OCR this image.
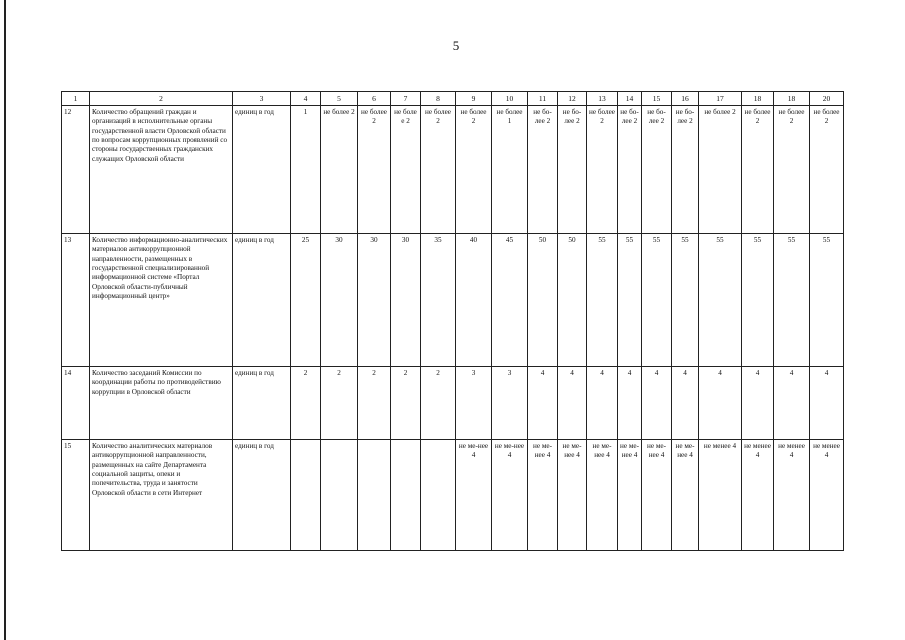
5
1	2	3	4	5	6	7	8	9	10	11	12	13	14	15	16	17	18	18	20
12	Количество обращений граждан и организаций в исполнительные органы государственной власти Орловской области по вопросам коррупционных проявлений со стороны государственных гражданских служащих Орловской области	единиц в год	1	не более 2	не более 2	не боле е 2	не более 2	не более 2	не более 1	не бо-лее 2	не бо-лее 2	не более 2	не бо-лее 2	не бо-лее 2	не бо-лее 2	не более 2	не более 2	не более 2	не более 2
13	Количество информационно-аналитических материалов антикоррупционной направленности, размещенных в государственной специализированной информационной системе «Портал Орловской области-публичный информационный центр»	единиц в год	25	30	30	30	35	40	45	50	50	55	55	55	55	55	55	55	55
14	Количество заседаний Комиссии по координации работы по противодействию коррупции в Орловской области	единиц в год	2	2	2	2	2	3	3	4	4	4	4	4	4	4	4	4	4
15	Количество аналитических материалов антикоррупционной направленности, размещенных на сайте Департамента социальной защиты, опеки и попечительства, труда и занятости Орловской области в сети Интернет	единиц в год						не ме-нее 4	не ме-нее 4	не ме-нее 4	не ме-нее 4	не ме-нее 4	не ме-нее 4	не ме-нее 4	не ме-нее 4	не менее 4	не менее 4	не менее 4	не менее 4
